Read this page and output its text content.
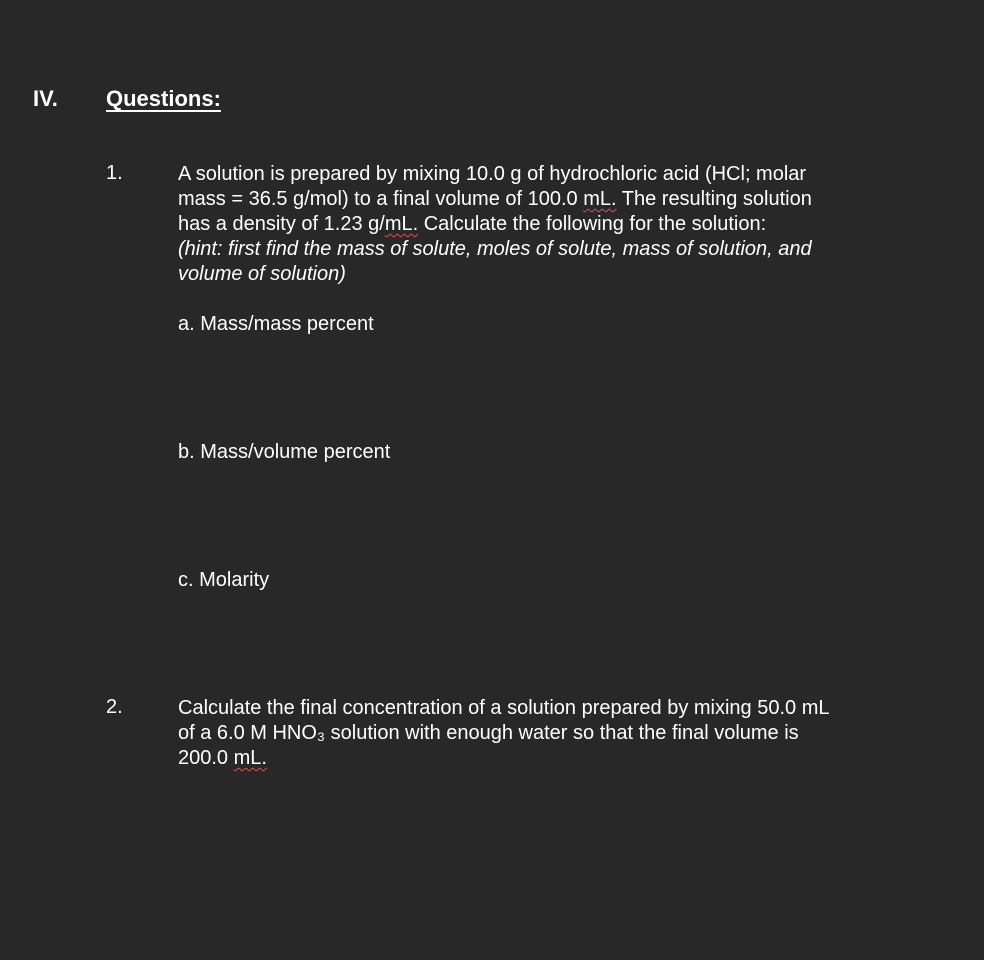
IV. Questions:
1.	A solution is prepared by mixing 10.0 g of hydrochloric acid (HCl; molar
mass = 36.5 g/mol) to a final volume of 100.0 mL. The resulting solution
has a density of 1.23 g/mL. Calculate the following for the solution:
(hint: first find the mass of solute, moles of solute, mass of solution, and
volume of solution)
a. Mass/mass percent
b. Mass/volume percent
c. Molarity
2.	Calculate the final concentration of a solution prepared by mixing 50.0 mL
of a 6.0 M HNO₃ solution with enough water so that the final volume is
200.0 mL.
